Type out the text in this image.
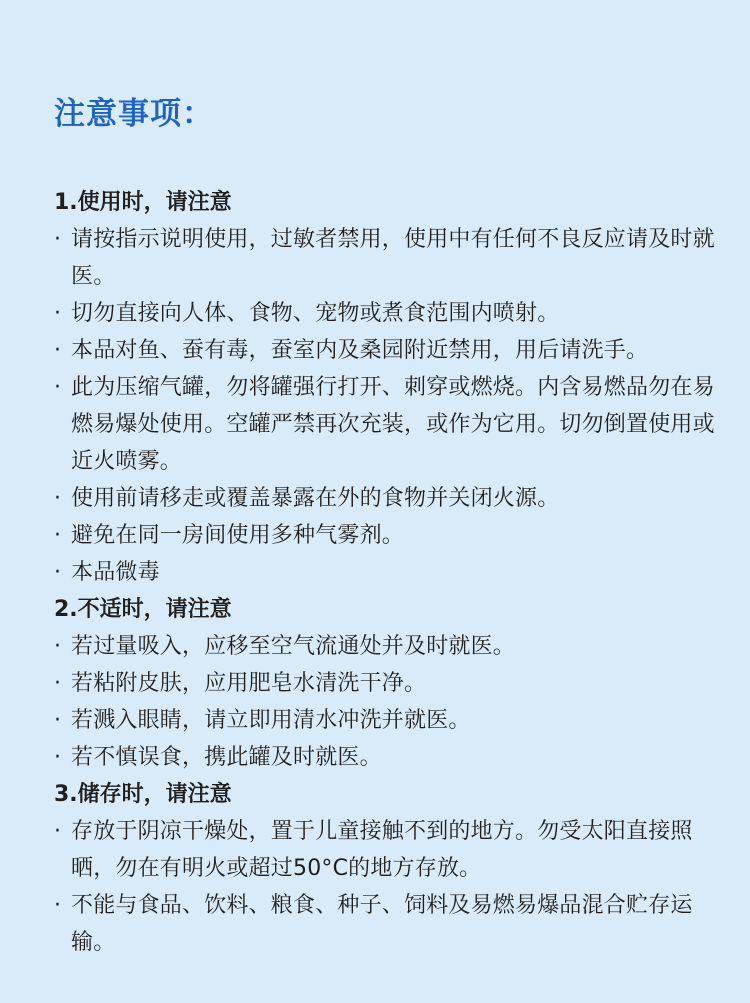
注意事项：
1.使用时，请注意
· 请按指示说明使用，过敏者禁用，使用中有任何不良反应请及时就医。
· 切勿直接向人体、食物、宠物或煮食范围内喷射。
· 本品对鱼、蚕有毒，蚕室内及桑园附近禁用，用后请洗手。
· 此为压缩气罐，勿将罐强行打开、刺穿或燃烧。内含易燃品勿在易燃易爆处使用。空罐严禁再次充装，或作为它用。切勿倒置使用或近火喷雾。
· 使用前请移走或覆盖暴露在外的食物并关闭火源。
· 避免在同一房间使用多种气雾剂。
· 本品微毒
2.不适时，请注意
· 若过量吸入，应移至空气流通处并及时就医。
· 若粘附皮肤，应用肥皂水清洗干净。
· 若溅入眼睛，请立即用清水冲洗并就医。
· 若不慎误食，携此罐及时就医。
3.储存时，请注意
· 存放于阴凉干燥处，置于儿童接触不到的地方。勿受太阳直接照晒，勿在有明火或超过50°C的地方存放。
· 不能与食品、饮料、粮食、种子、饲料及易燃易爆品混合贮存运输。
